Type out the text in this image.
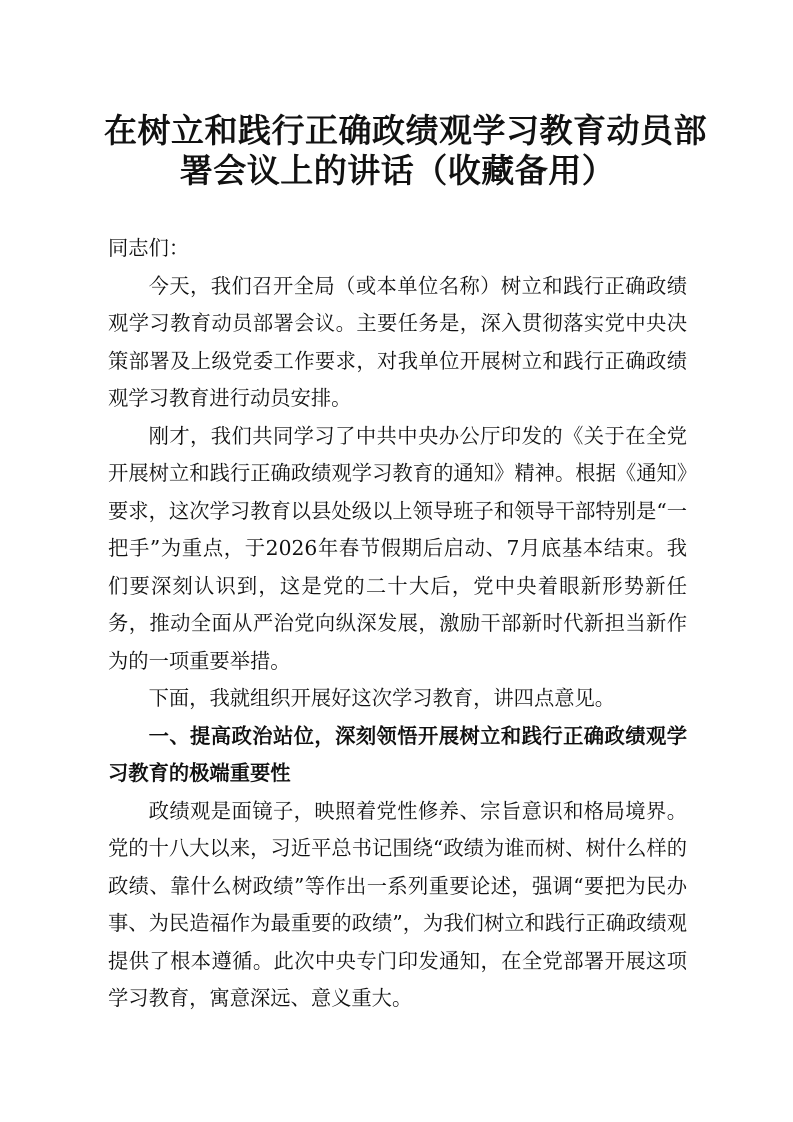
在树立和践行正确政绩观学习教育动员部
署会议上的讲话（收藏备用）
同志们：

今天，我们召开全局（或本单位名称）树立和践行正确政绩观学习教育动员部署会议。主要任务是，深入贯彻落实党中央决策部署及上级党委工作要求，对我单位开展树立和践行正确政绩观学习教育进行动员安排。

刚才，我们共同学习了中共中央办公厅印发的《关于在全党开展树立和践行正确政绩观学习教育的通知》精神。根据《通知》要求，这次学习教育以县处级以上领导班子和领导干部特别是“一把手”为重点，于2026年春节假期后启动、7月底基本结束。我们要深刻认识到，这是党的二十大后，党中央着眼新形势新任务，推动全面从严治党向纵深发展，激励干部新时代新担当新作为的一项重要举措。

下面，我就组织开展好这次学习教育，讲四点意见。

一、提高政治站位，深刻领悟开展树立和践行正确政绩观学习教育的极端重要性

政绩观是面镜子，映照着党性修养、宗旨意识和格局境界。党的十八大以来，习近平总书记围绕“政绩为谁而树、树什么样的政绩、靠什么树政绩”等作出一系列重要论述，强调“要把为民办事、为民造福作为最重要的政绩”，为我们树立和践行正确政绩观提供了根本遵循。此次中央专门印发通知，在全党部署开展这项学习教育，寓意深远、意义重大。
